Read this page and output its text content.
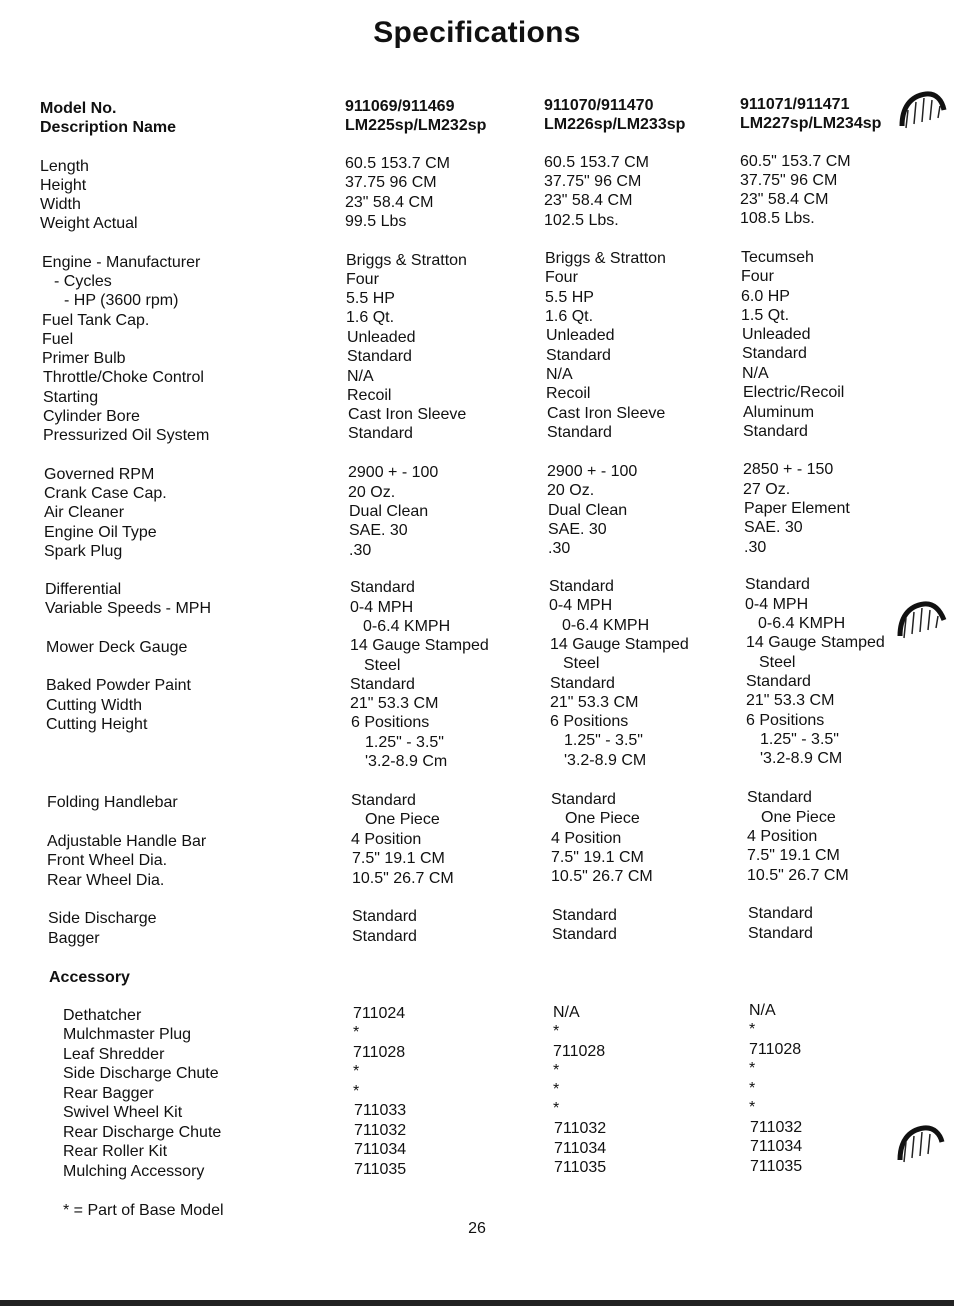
Specifications
Model No.
Description Name
Length
Height
Width
Weight Actual
Engine - Manufacturer
- Cycles
- HP (3600 rpm)
Fuel Tank Cap.
Fuel
Primer Bulb
Throttle/Choke Control
Starting
Cylinder Bore
Pressurized Oil System
Governed RPM
Crank Case Cap.
Air Cleaner
Engine Oil Type
Spark Plug
Differential
Variable Speeds - MPH
Mower Deck Gauge
Baked Powder Paint
Cutting Width
Cutting Height
Folding Handlebar
Adjustable Handle Bar
Front Wheel Dia.
Rear Wheel Dia.
Side Discharge
Bagger
Accessory
Dethatcher
Mulchmaster Plug
Leaf Shredder
Side Discharge Chute
Rear Bagger
Swivel Wheel Kit
Rear Discharge Chute
Rear Roller Kit
Mulching Accessory
* = Part of Base Model
911069/911469
LM225sp/LM232sp
60.5 153.7 CM
37.75 96 CM
23" 58.4 CM
99.5 Lbs
Briggs & Stratton
Four
5.5 HP
1.6 Qt.
Unleaded
Standard
N/A
Recoil
Cast Iron Sleeve
Standard
2900 + - 100
20 Oz.
Dual Clean
SAE. 30
.30
Standard
0-4 MPH
0-6.4 KMPH
14 Gauge Stamped
Steel
Standard
21" 53.3 CM
6 Positions
1.25" - 3.5"
'3.2-8.9 Cm
Standard
One Piece
4 Position
7.5" 19.1 CM
10.5" 26.7 CM
Standard
Standard
711024
*
711028
*
*
711033
711032
711034
711035
911070/911470
LM226sp/LM233sp
60.5 153.7 CM
37.75" 96 CM
23" 58.4 CM
102.5 Lbs.
Briggs & Stratton
Four
5.5 HP
1.6 Qt.
Unleaded
Standard
N/A
Recoil
Cast Iron Sleeve
Standard
2900 + - 100
20 Oz.
Dual Clean
SAE. 30
.30
Standard
0-4 MPH
0-6.4 KMPH
14 Gauge Stamped
Steel
Standard
21" 53.3 CM
6 Positions
1.25" - 3.5"
'3.2-8.9 CM
Standard
One Piece
4 Position
7.5" 19.1 CM
10.5" 26.7 CM
Standard
Standard
N/A
*
711028
*
*
*
711032
711034
711035
911071/911471
LM227sp/LM234sp
60.5" 153.7 CM
37.75" 96 CM
23" 58.4 CM
108.5 Lbs.
Tecumseh
Four
6.0 HP
1.5 Qt.
Unleaded
Standard
N/A
Electric/Recoil
Aluminum
Standard
2850 + - 150
27 Oz.
Paper Element
SAE. 30
.30
Standard
0-4 MPH
0-6.4 KMPH
14 Gauge Stamped
Steel
Standard
21" 53.3 CM
6 Positions
1.25" - 3.5"
'3.2-8.9 CM
Standard
One Piece
4 Position
7.5" 19.1 CM
10.5" 26.7 CM
Standard
Standard
N/A
*
711028
*
*
*
711032
711034
711035
26
